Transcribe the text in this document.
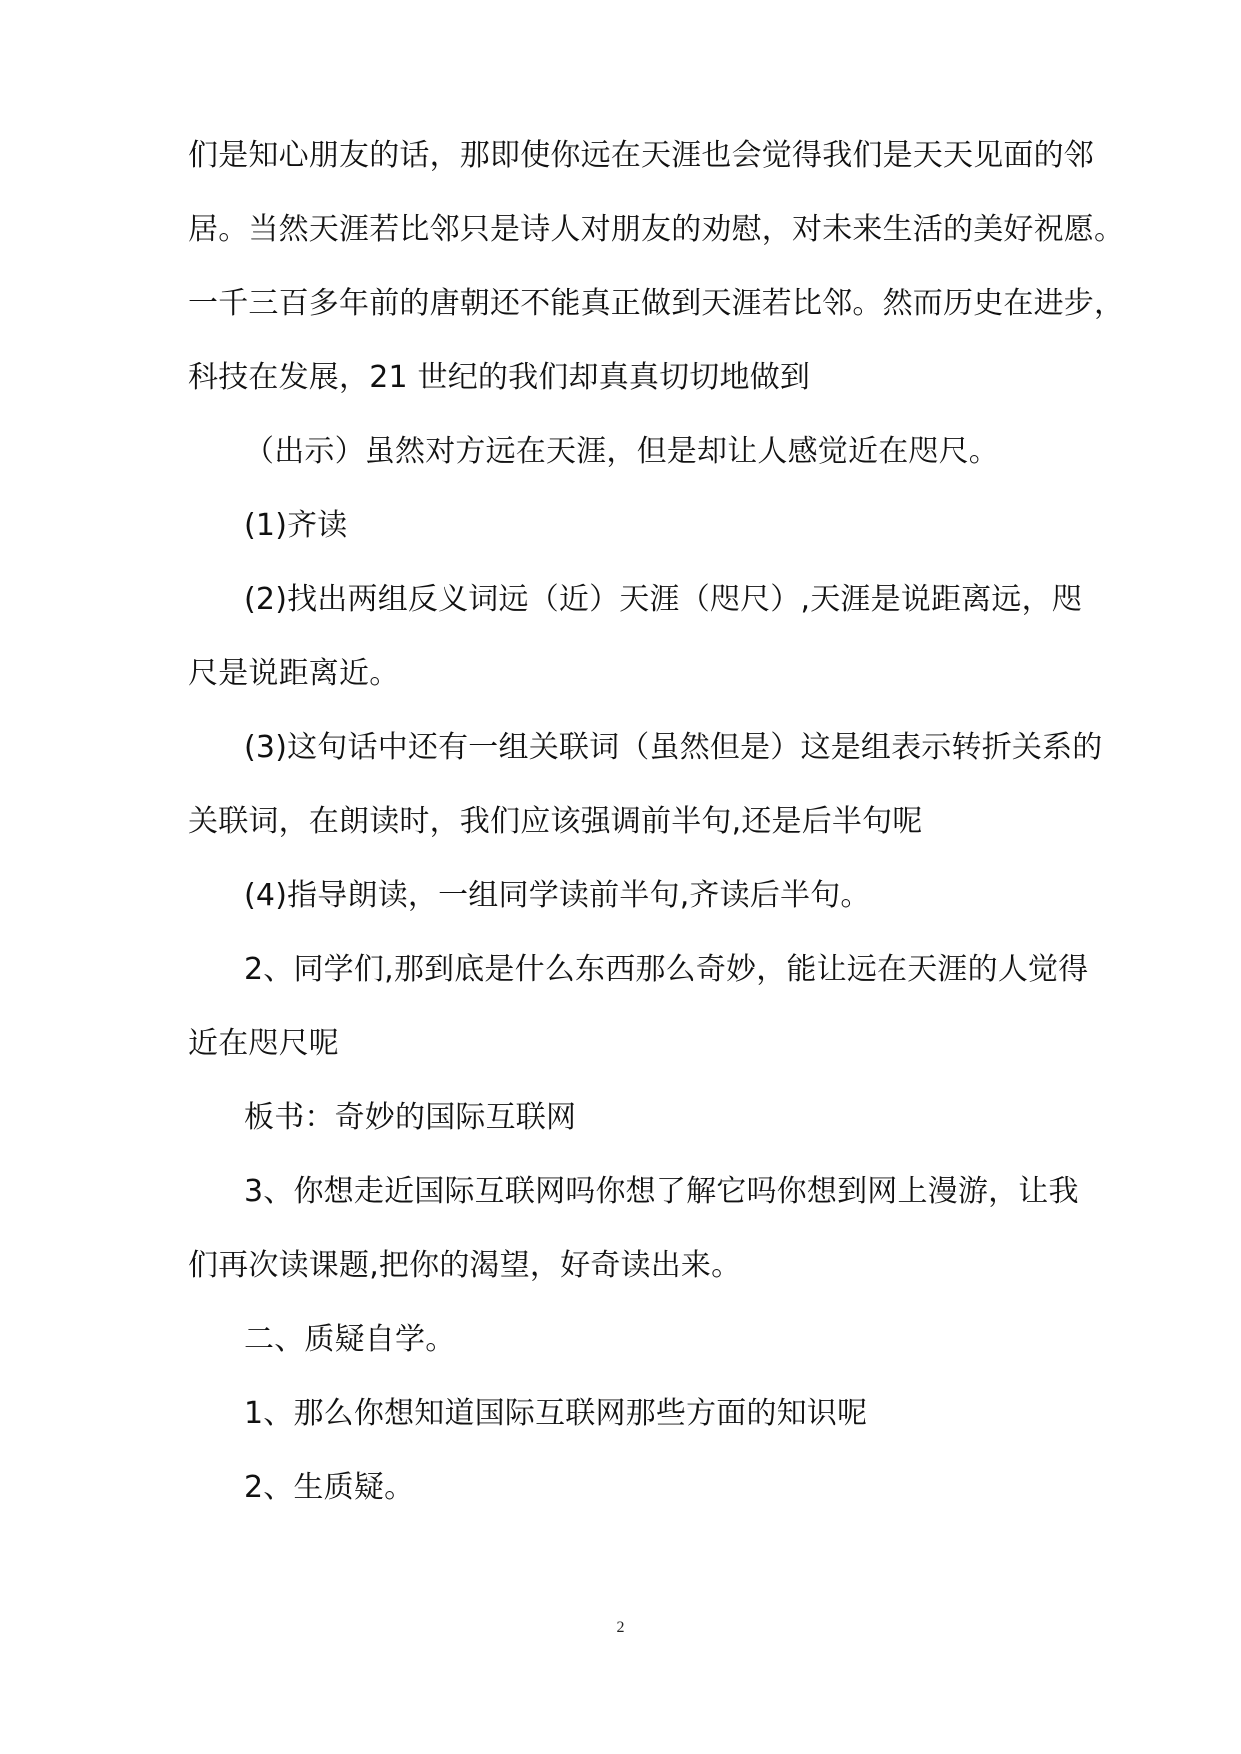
们是知心朋友的话，那即使你远在天涯也会觉得我们是天天见面的邻
居。当然天涯若比邻只是诗人对朋友的劝慰，对未来生活的美好祝愿。
一千三百多年前的唐朝还不能真正做到天涯若比邻。然而历史在进步，
科技在发展，21 世纪的我们却真真切切地做到
（出示）虽然对方远在天涯，但是却让人感觉近在咫尺。
(1)齐读
(2)找出两组反义词远（近）天涯（咫尺）,天涯是说距离远，咫
尺是说距离近。
(3)这句话中还有一组关联词（虽然但是）这是组表示转折关系的
关联词，在朗读时，我们应该强调前半句,还是后半句呢
(4)指导朗读，一组同学读前半句,齐读后半句。
2、同学们,那到底是什么东西那么奇妙，能让远在天涯的人觉得
近在咫尺呢
板书：奇妙的国际互联网
3、你想走近国际互联网吗你想了解它吗你想到网上漫游，让我
们再次读课题,把你的渴望，好奇读出来。
二、质疑自学。
1、那么你想知道国际互联网那些方面的知识呢
2、生质疑。
2
